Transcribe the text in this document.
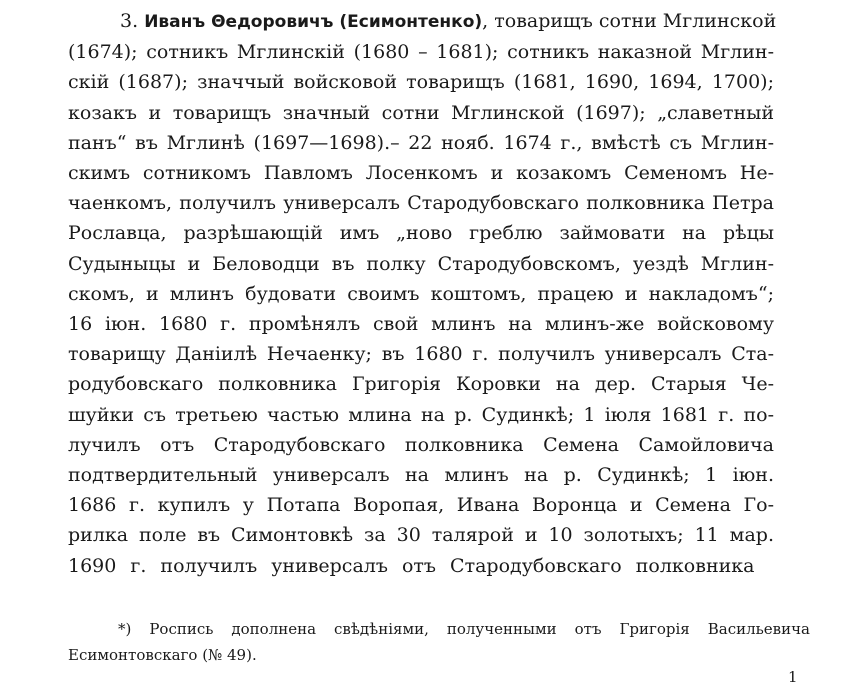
3. Иванъ Θедоровичъ (Есимонтенко), товарищъ сотни Мглинской
(1674); сотникъ Мглинскій (1680 – 1681); сотникъ наказной Мглин-
скій (1687); значчый войсковой товарищъ (1681, 1690, 1694, 1700);
козакъ и товарищъ значный сотни Мглинской (1697); „славетный
панъ“ въ Мглинѣ (1697—1698).– 22 нояб. 1674 г., вмѣстѣ съ Мглин-
скимъ сотникомъ Павломъ Лосенкомъ и козакомъ Семеномъ Не-
чаенкомъ, получилъ универсалъ Стародубовскаго полковника Петра
Рославца, разрѣшающій имъ „ново греблю займовати на рѣцы
Судыныцы и Беловодци въ полку Стародубовскомъ, уездѣ Мглин-
скомъ, и млинъ будовати своимъ коштомъ, працею и накладомъ“;
16 іюн. 1680 г. промѣнялъ свой млинъ на млинъ-же войсковому
товарищу Даніилѣ Нечаенку; въ 1680 г. получилъ универсалъ Ста-
родубовскаго полковника Григорія Коровки на дер. Старыя Че-
шуйки съ третьею частью млина на р. Судинкѣ; 1 іюля 1681 г. по-
лучилъ отъ Стародубовскаго полковника Семена Самойловича
подтвердительный универсалъ на млинъ на р. Судинкѣ; 1 іюн.
1686 г. купилъ у Потапа Воропая, Ивана Воронца и Семена Го-
рилка поле въ Симонтовкѣ за 30 талярой и 10 золотыхъ; 11 мар.
1690 г. получилъ универсалъ отъ Стародубовскаго полковника
*) Роспись дополнена свѣдѣніями, полученными отъ Григорія Васильевича
Есимонтовскаго (№ 49).
1
